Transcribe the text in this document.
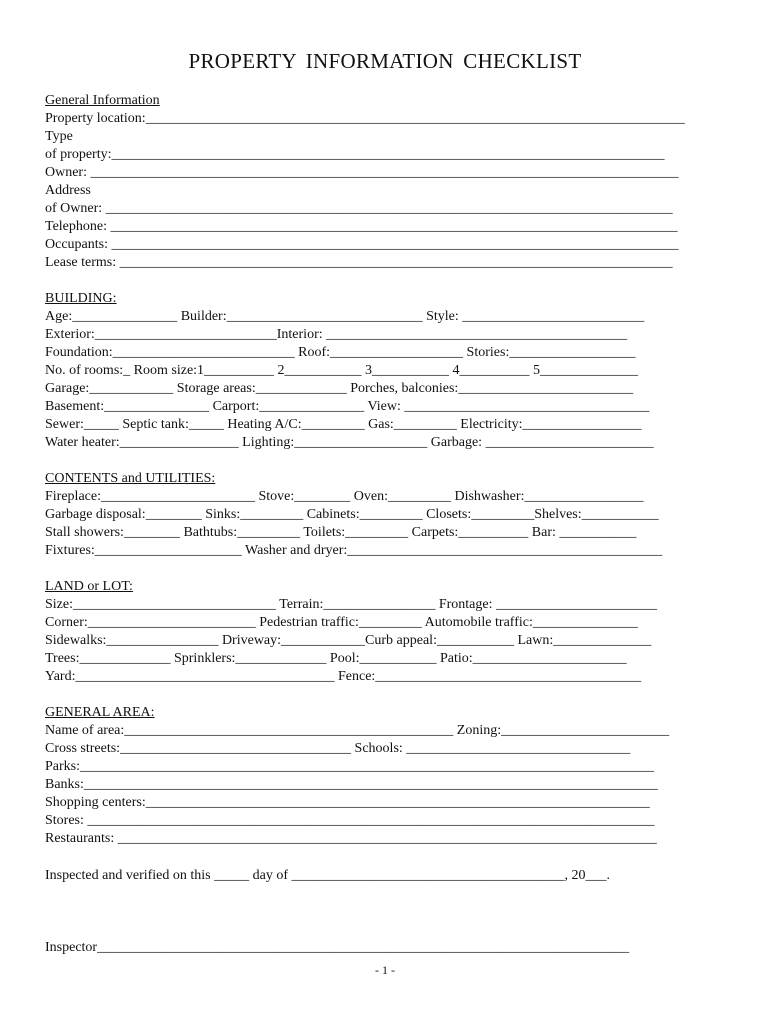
PROPERTY INFORMATION CHECKLIST
General Information
Property location:_____________________________________________________________________________
Type
of property:_______________________________________________________________________________
Owner: ____________________________________________________________________________________
Address
of Owner: _________________________________________________________________________________
Telephone: _________________________________________________________________________________
Occupants: _________________________________________________________________________________
Lease terms: _______________________________________________________________________________
BUILDING:
Age:_______________ Builder:____________________________ Style: __________________________
Exterior:__________________________Interior: ___________________________________________
Foundation:__________________________ Roof:___________________ Stories:__________________
No. of rooms:_ Room size:1__________ 2___________ 3___________ 4__________ 5______________
Garage:____________ Storage areas:_____________ Porches, balconies:_________________________
Basement:_______________ Carport:_______________ View: ___________________________________
Sewer:_____ Septic tank:_____ Heating A/C:_________ Gas:_________ Electricity:_________________
Water heater:_________________ Lighting:___________________ Garbage: ________________________
CONTENTS and UTILITIES:
Fireplace:______________________ Stove:________ Oven:_________ Dishwasher:_________________
Garbage disposal:________ Sinks:_________ Cabinets:_________ Closets:_________Shelves:___________
Stall showers:________ Bathtubs:_________ Toilets:_________ Carpets:__________ Bar: ___________
Fixtures:_____________________ Washer and dryer:_____________________________________________
LAND or LOT:
Size:_____________________________ Terrain:________________ Frontage: _______________________
Corner:________________________ Pedestrian traffic:_________ Automobile traffic:_______________
Sidewalks:________________ Driveway:____________Curb appeal:___________ Lawn:______________
Trees:_____________ Sprinklers:_____________ Pool:___________ Patio:______________________
Yard:_____________________________________ Fence:______________________________________
GENERAL AREA:
Name of area:_______________________________________________ Zoning:________________________
Cross streets:_________________________________ Schools: ________________________________
Parks:__________________________________________________________________________________
Banks:__________________________________________________________________________________
Shopping centers:________________________________________________________________________
Stores: _________________________________________________________________________________
Restaurants: _____________________________________________________________________________
Inspected and verified on this _____ day of _______________________________________, 20___.
Inspector____________________________________________________________________________
- 1 -
